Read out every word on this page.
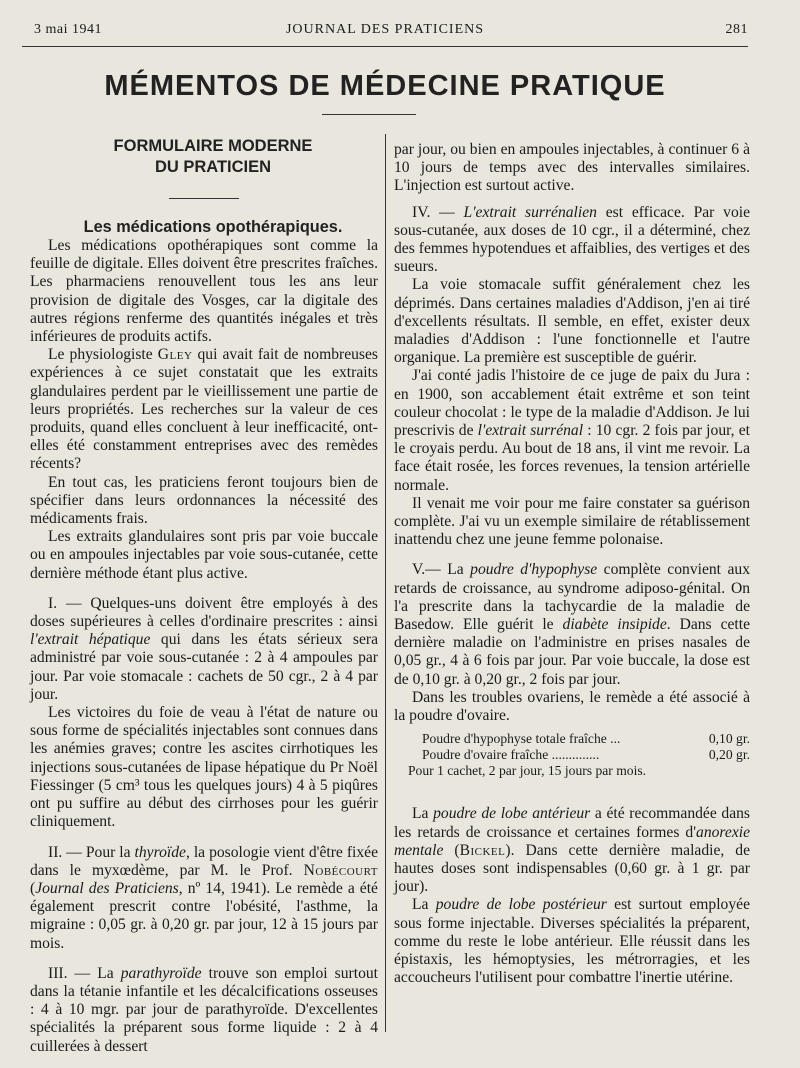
3 mai 1941	JOURNAL DES PRATICIENS	281
MÉMENTOS DE MÉDECINE PRATIQUE

FORMULAIRE MODERNE

DU PRATICIEN

Les médications opothérapiques.

Les médications opothérapiques sont comme la feuille de digitale. Elles doivent être prescrites fraîches. Les pharmaciens renouvellent tous les ans leur provision de digitale des Vosges, car la digitale des autres régions renferme des quantités inégales et très inférieures de produits actifs.

Le physiologiste Gley qui avait fait de nombreuses expériences à ce sujet constatait que les extraits glandulaires perdent par le vieillissement une partie de leurs propriétés. Les recherches sur la valeur de ces produits, quand elles concluent à leur inefficacité, ont-elles été constamment entreprises avec des remèdes récents?

En tout cas, les praticiens feront toujours bien de spécifier dans leurs ordonnances la nécessité des médicaments frais.

Les extraits glandulaires sont pris par voie buccale ou en ampoules injectables par voie sous-cutanée, cette dernière méthode étant plus active.

I. — Quelques-uns doivent être employés à des doses supérieures à celles d'ordinaire prescrites : ainsi l'extrait hépatique qui dans les états sérieux sera administré par voie sous-cutanée : 2 à 4 ampoules par jour. Par voie stomacale : cachets de 50 cgr., 2 à 4 par jour.

Les victoires du foie de veau à l'état de nature ou sous forme de spécialités injectables sont connues dans les anémies graves; contre les ascites cirrhotiques les injections sous-cutanées de lipase hépatique du Pr Noël Fiessinger (5 cm³ tous les quelques jours) 4 à 5 piqûres ont pu suffire au début des cirrhoses pour les guérir cliniquement.

II. — Pour la thyroïde, la posologie vient d'être fixée dans le myxœdème, par M. le Prof. Nobécourt (Journal des Praticiens, nº 14, 1941). Le remède a été également prescrit contre l'obésité, l'asthme, la migraine : 0,05 gr. à 0,20 gr. par jour, 12 à 15 jours par mois.

III. — La parathyroïde trouve son emploi surtout dans la tétanie infantile et les décalcifications osseuses : 4 à 10 mgr. par jour de parathyroïde. D'excellentes spécialités la préparent sous forme liquide : 2 à 4 cuillerées à dessert

par jour, ou bien en ampoules injectables, à continuer 6 à 10 jours de temps avec des intervalles similaires. L'injection est surtout active.

IV. — L'extrait surrénalien est efficace. Par voie sous-cutanée, aux doses de 10 cgr., il a déterminé, chez des femmes hypotendues et affaiblies, des vertiges et des sueurs.

La voie stomacale suffit généralement chez les déprimés. Dans certaines maladies d'Addison, j'en ai tiré d'excellents résultats. Il semble, en effet, exister deux maladies d'Addison : l'une fonctionnelle et l'autre organique. La première est susceptible de guérir.

J'ai conté jadis l'histoire de ce juge de paix du Jura : en 1900, son accablement était extrême et son teint couleur chocolat : le type de la maladie d'Addison. Je lui prescrivis de l'extrait surrénal : 10 cgr. 2 fois par jour, et le croyais perdu. Au bout de 18 ans, il vint me revoir. La face était rosée, les forces revenues, la tension artérielle normale.

Il venait me voir pour me faire constater sa guérison complète. J'ai vu un exemple similaire de rétablissement inattendu chez une jeune femme polonaise.

V.— La poudre d'hypophyse complète convient aux retards de croissance, au syndrome adiposo-génital. On l'a prescrite dans la tachycardie de la maladie de Basedow. Elle guérit le diabète insipide. Dans cette dernière maladie on l'administre en prises nasales de 0,05 gr., 4 à 6 fois par jour. Par voie buccale, la dose est de 0,10 gr. à 0,20 gr., 2 fois par jour.

Dans les troubles ovariens, le remède a été associé à la poudre d'ovaire.

Poudre d'hypophyse totale fraîche ...	0,10 gr.
Poudre d'ovaire fraîche ..............	0,20 gr.
Pour 1 cachet, 2 par jour, 15 jours par mois.

La poudre de lobe antérieur a été recommandée dans les retards de croissance et certaines formes d'anorexie mentale (Bickel). Dans cette dernière maladie, de hautes doses sont indispensables (0,60 gr. à 1 gr. par jour).

La poudre de lobe postérieur est surtout employée sous forme injectable. Diverses spécialités la préparent, comme du reste le lobe antérieur. Elle réussit dans les épistaxis, les hémoptysies, les métrorragies, et les accoucheurs l'utilisent pour combattre l'inertie utérine.
